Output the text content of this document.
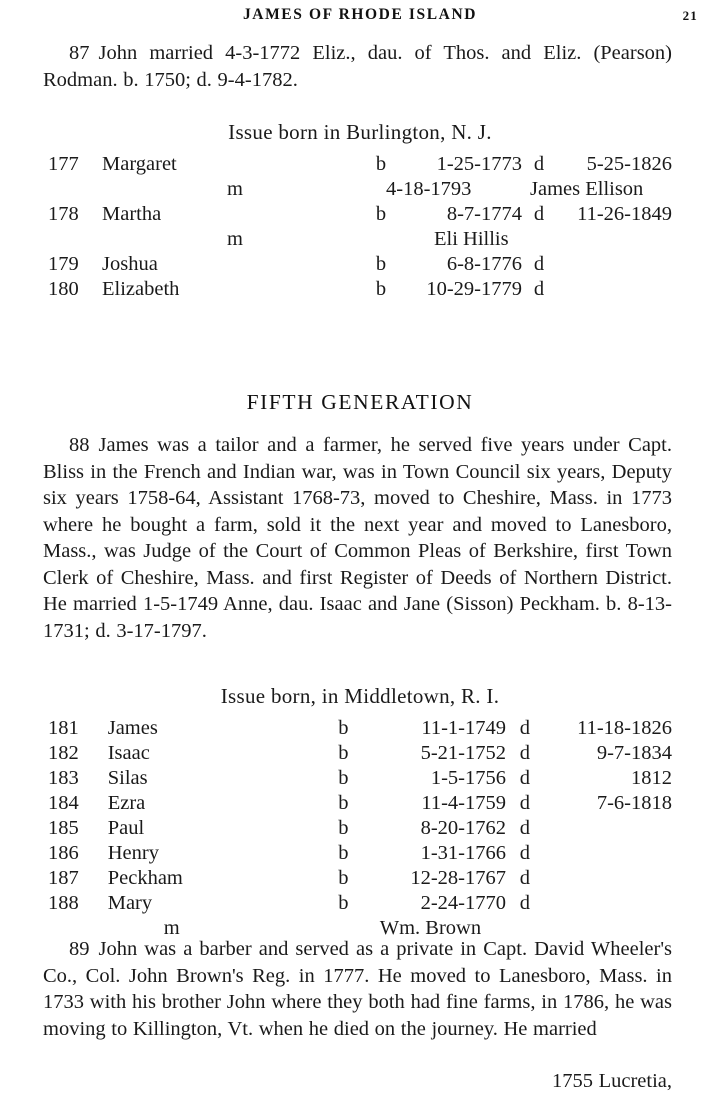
JAMES OF RHODE ISLAND	21
87 John married 4-3-1772 Eliz., dau. of Thos. and Eliz. (Pearson) Rodman. b. 1750; d. 9-4-1782.
Issue born in Burlington, N. J.
177	Margaret	b	1-25-1773	d	5-25-1826
	m	4-18-1793		James Ellison	
178	Martha	b	8-7-1774	d	11-26-1849
	m		Eli Hillis		
179	Joshua	b	6-8-1776	d	
180	Elizabeth	b	10-29-1779	d	
FIFTH GENERATION
88 James was a tailor and a farmer, he served five years under Capt. Bliss in the French and Indian war, was in Town Council six years, Deputy six years 1758-64, Assistant 1768-73, moved to Cheshire, Mass. in 1773 where he bought a farm, sold it the next year and moved to Lanesboro, Mass., was Judge of the Court of Common Pleas of Berkshire, first Town Clerk of Cheshire, Mass. and first Register of Deeds of Northern District. He married 1-5-1749 Anne, dau. Isaac and Jane (Sisson) Peckham. b. 8-13-1731; d. 3-17-1797.
Issue born, in Middletown, R. I.
181	James	b	11-1-1749	d	11-18-1826
182	Isaac	b	5-21-1752	d	9-7-1834
183	Silas	b	1-5-1756	d	1812
184	Ezra	b	11-4-1759	d	7-6-1818
185	Paul	b	8-20-1762	d	
186	Henry	b	1-31-1766	d	
187	Peckham	b	12-28-1767	d	
188	Mary	b	2-24-1770	d	
	m		Wm. Brown		
89 John was a barber and served as a private in Capt. David Wheeler's Co., Col. John Brown's Reg. in 1777. He moved to Lanesboro, Mass. in 1733 with his brother John where they both had fine farms, in 1786, he was moving to Killington, Vt. when he died on the journey. He married
1755 Lucretia,
